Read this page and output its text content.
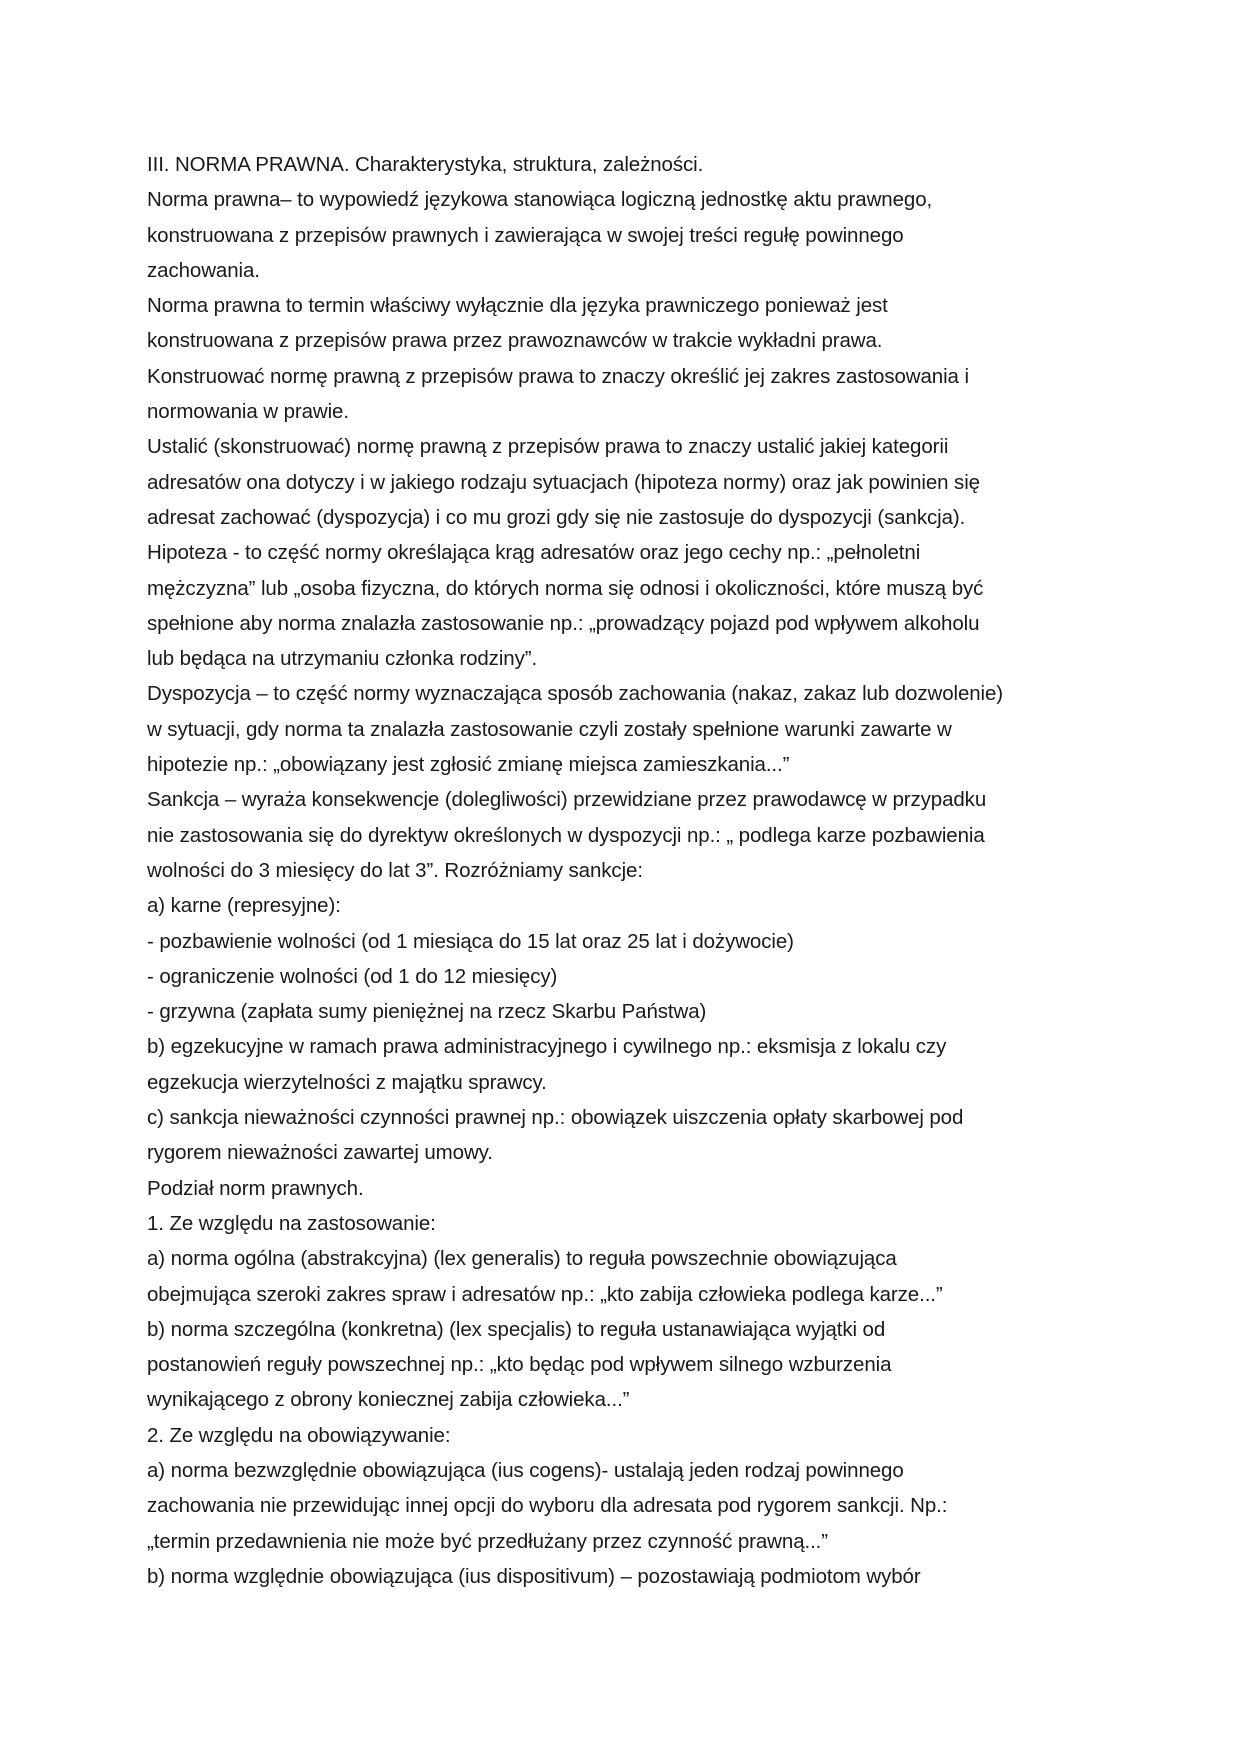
III. NORMA PRAWNA. Charakterystyka, struktura, zależności.
Norma prawna– to wypowiedź językowa stanowiąca logiczną jednostkę aktu prawnego,
konstruowana z przepisów prawnych i zawierająca w swojej treści regułę powinnego
zachowania.
Norma prawna to termin właściwy wyłącznie dla języka prawniczego ponieważ jest
konstruowana z przepisów prawa przez prawoznawców w trakcie wykładni prawa.
Konstruować normę prawną z przepisów prawa to znaczy określić jej zakres zastosowania i
normowania w prawie.
Ustalić (skonstruować) normę prawną z przepisów prawa to znaczy ustalić jakiej kategorii
adresatów ona dotyczy i w jakiego rodzaju sytuacjach (hipoteza normy) oraz jak powinien się
adresat zachować (dyspozycja) i co mu grozi gdy się nie zastosuje do dyspozycji (sankcja).
Hipoteza - to część normy określająca krąg adresatów oraz jego cechy np.: „pełnoletni
mężczyzna” lub „osoba fizyczna, do których norma się odnosi i okoliczności, które muszą być
spełnione aby norma znalazła zastosowanie np.: „prowadzący pojazd pod wpływem alkoholu
lub będąca na utrzymaniu członka rodziny”.
Dyspozycja – to część normy wyznaczająca sposób zachowania (nakaz, zakaz lub dozwolenie)
w sytuacji, gdy norma ta znalazła zastosowanie czyli zostały spełnione warunki zawarte w
hipotezie np.: „obowiązany jest zgłosić zmianę miejsca zamieszkania...”
Sankcja – wyraża konsekwencje (dolegliwości) przewidziane przez prawodawcę w przypadku
nie zastosowania się do dyrektyw określonych w dyspozycji np.: „ podlega karze pozbawienia
wolności do 3 miesięcy do lat 3”. Rozróżniamy sankcje:
a) karne (represyjne):
- pozbawienie wolności (od 1 miesiąca do 15 lat oraz 25 lat i dożywocie)
- ograniczenie wolności (od 1 do 12 miesięcy)
- grzywna (zapłata sumy pieniężnej na rzecz Skarbu Państwa)
b) egzekucyjne w ramach prawa administracyjnego i cywilnego np.: eksmisja z lokalu czy
egzekucja wierzytelności z majątku sprawcy.
c) sankcja nieważności czynności prawnej np.: obowiązek uiszczenia opłaty skarbowej pod
rygorem nieważności zawartej umowy.
Podział norm prawnych.
1. Ze względu na zastosowanie:
a) norma ogólna (abstrakcyjna) (lex generalis) to reguła powszechnie obowiązująca
obejmująca szeroki zakres spraw i adresatów np.: „kto zabija człowieka podlega karze...”
b) norma szczególna (konkretna) (lex specjalis) to reguła ustanawiająca wyjątki od
postanowień reguły powszechnej np.: „kto będąc pod wpływem silnego wzburzenia
wynikającego z obrony koniecznej zabija człowieka...”
2. Ze względu na obowiązywanie:
a) norma bezwzględnie obowiązująca (ius cogens)- ustalają jeden rodzaj powinnego
zachowania nie przewidując innej opcji do wyboru dla adresata pod rygorem sankcji. Np.:
„termin przedawnienia nie może być przedłużany przez czynność prawną...”
b) norma względnie obowiązująca (ius dispositivum) – pozostawiają podmiotom wybór
